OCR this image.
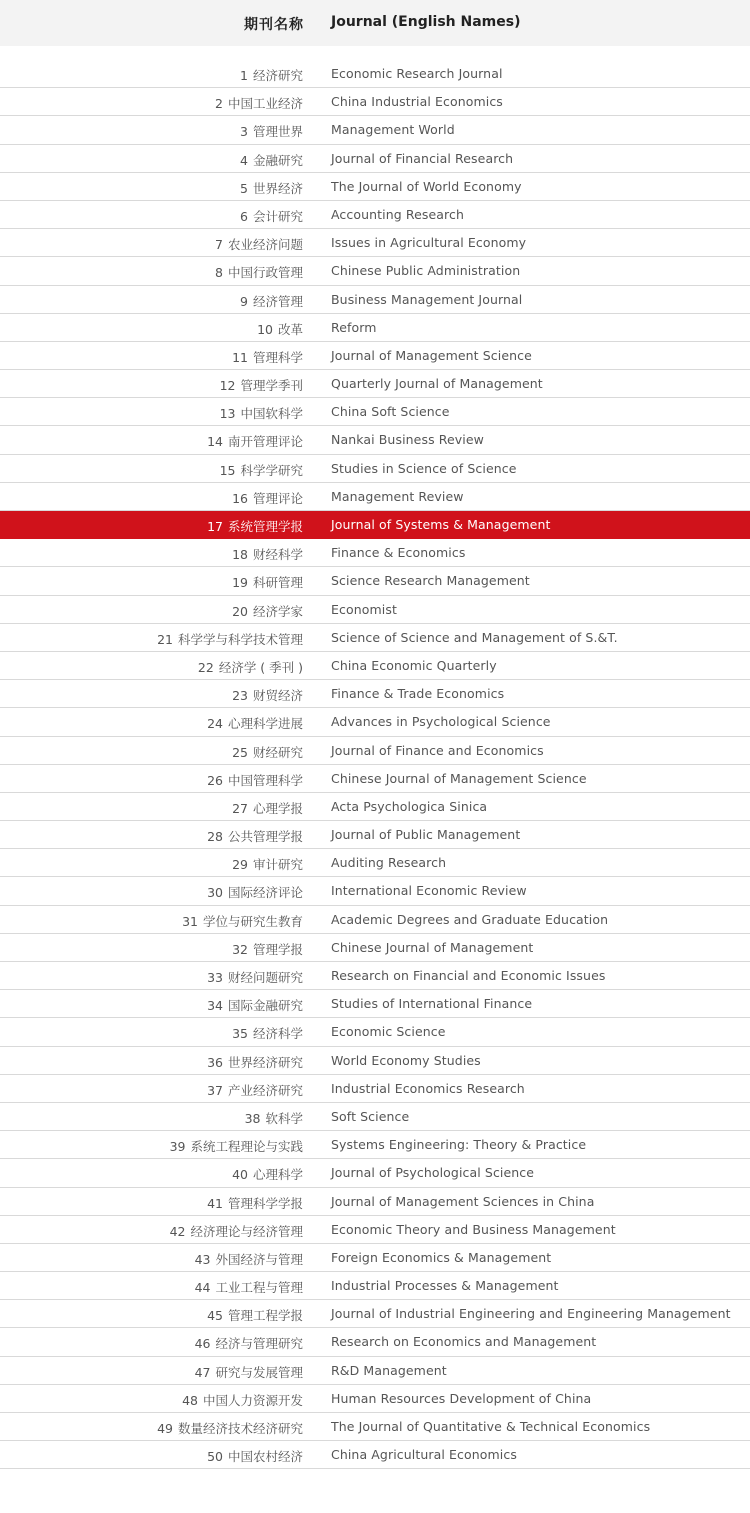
期刊名称 Journal (English Names)
1 经济研究 Economic Research Journal
2 中国工业经济 China Industrial Economics
3 管理世界 Management World
4 金融研究 Journal of Financial Research
5 世界经济 The Journal of World Economy
6 会计研究 Accounting Research
7 农业经济问题 Issues in Agricultural Economy
8 中国行政管理 Chinese Public Administration
9 经济管理 Business Management Journal
10 改革 Reform
11 管理科学 Journal of Management Science
12 管理学季刊 Quarterly Journal of Management
13 中国软科学 China Soft Science
14 南开管理评论 Nankai Business Review
15 科学学研究 Studies in Science of Science
16 管理评论 Management Review
17 系统管理学报 Journal of Systems & Management
18 财经科学 Finance & Economics
19 科研管理 Science Research Management
20 经济学家 Economist
21 科学学与科学技术管理 Science of Science and Management of S.&T.
22 经济学 ( 季刊 ) China Economic Quarterly
23 财贸经济 Finance & Trade Economics
24 心理科学进展 Advances in Psychological Science
25 财经研究 Journal of Finance and Economics
26 中国管理科学 Chinese Journal of Management Science
27 心理学报 Acta Psychologica Sinica
28 公共管理学报 Journal of Public Management
29 审计研究 Auditing Research
30 国际经济评论 International Economic Review
31 学位与研究生教育 Academic Degrees and Graduate Education
32 管理学报 Chinese Journal of Management
33 财经问题研究 Research on Financial and Economic Issues
34 国际金融研究 Studies of International Finance
35 经济科学 Economic Science
36 世界经济研究 World Economy Studies
37 产业经济研究 Industrial Economics Research
38 软科学 Soft Science
39 系统工程理论与实践 Systems Engineering: Theory & Practice
40 心理科学 Journal of Psychological Science
41 管理科学学报 Journal of Management Sciences in China
42 经济理论与经济管理 Economic Theory and Business Management
43 外国经济与管理 Foreign Economics & Management
44 工业工程与管理 Industrial Processes & Management
45 管理工程学报 Journal of Industrial Engineering and Engineering Management
46 经济与管理研究 Research on Economics and Management
47 研究与发展管理 R&D Management
48 中国人力资源开发 Human Resources Development of China
49 数量经济技术经济研究 The Journal of Quantitative & Technical Economics
50 中国农村经济 China Agricultural Economics
